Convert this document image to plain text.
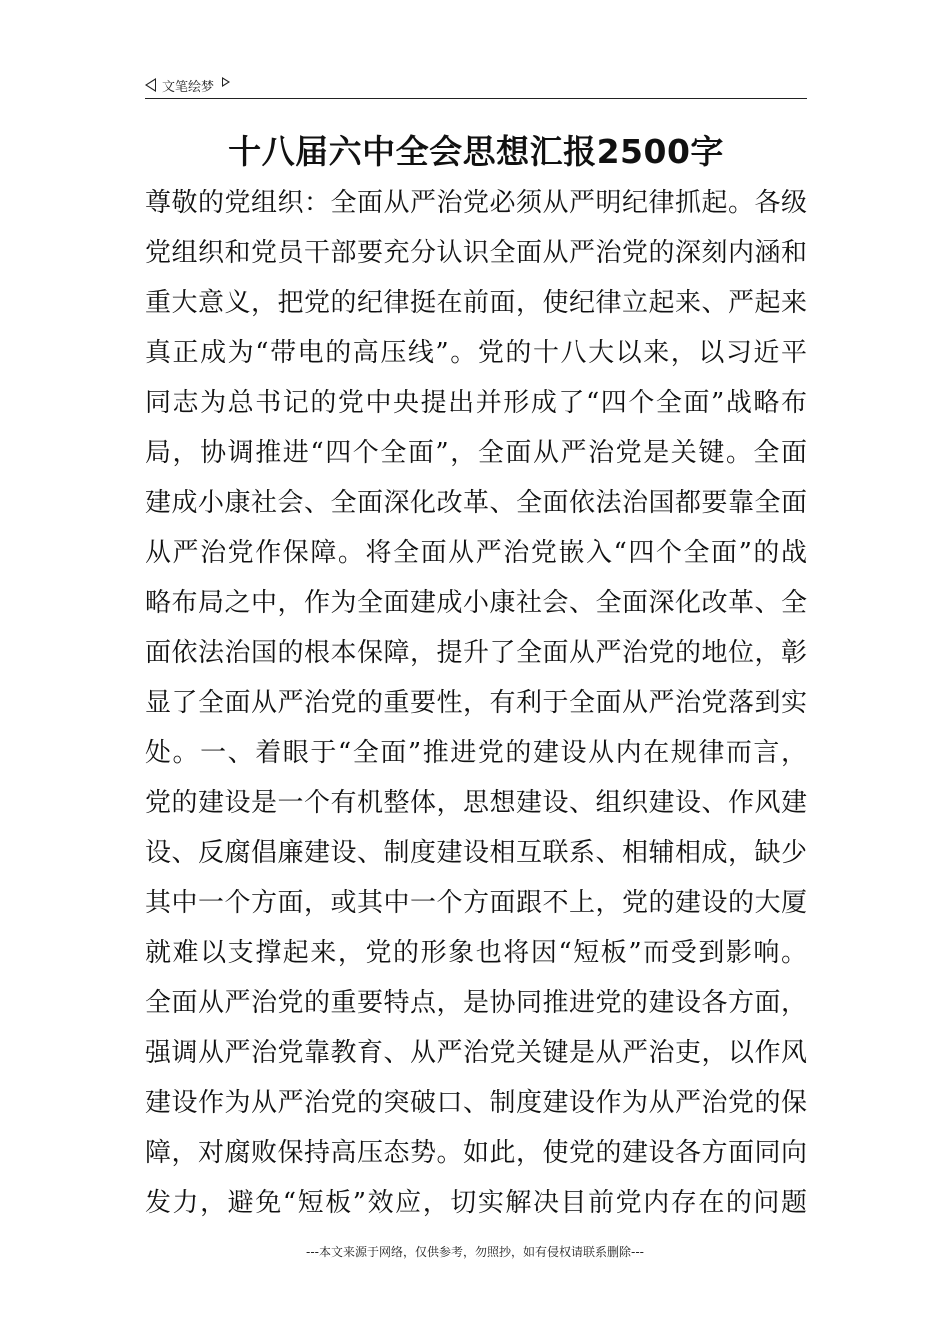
文笔绘梦
十八届六中全会思想汇报2500字
尊敬的党组织：全面从严治党必须从严明纪律抓起。各级
党组织和党员干部要充分认识全面从严治党的深刻内涵和
重大意义，把党的纪律挺在前面，使纪律立起来、严起来
真正成为“带电的高压线”。党的十八大以来，以习近平
同志为总书记的党中央提出并形成了“四个全面”战略布
局，协调推进“四个全面”，全面从严治党是关键。全面
建成小康社会、全面深化改革、全面依法治国都要靠全面
从严治党作保障。将全面从严治党嵌入“四个全面”的战
略布局之中，作为全面建成小康社会、全面深化改革、全
面依法治国的根本保障，提升了全面从严治党的地位，彰
显了全面从严治党的重要性，有利于全面从严治党落到实
处。一、着眼于“全面”推进党的建设从内在规律而言，
党的建设是一个有机整体，思想建设、组织建设、作风建
设、反腐倡廉建设、制度建设相互联系、相辅相成，缺少
其中一个方面，或其中一个方面跟不上，党的建设的大厦
就难以支撑起来，党的形象也将因“短板”而受到影响。
全面从严治党的重要特点，是协同推进党的建设各方面，
强调从严治党靠教育、从严治党关键是从严治吏，以作风
建设作为从严治党的突破口、制度建设作为从严治党的保
障，对腐败保持高压态势。如此，使党的建设各方面同向
发力，避免“短板”效应，切实解决目前党内存在的问题
---本文来源于网络，仅供参考，勿照抄，如有侵权请联系删除---
